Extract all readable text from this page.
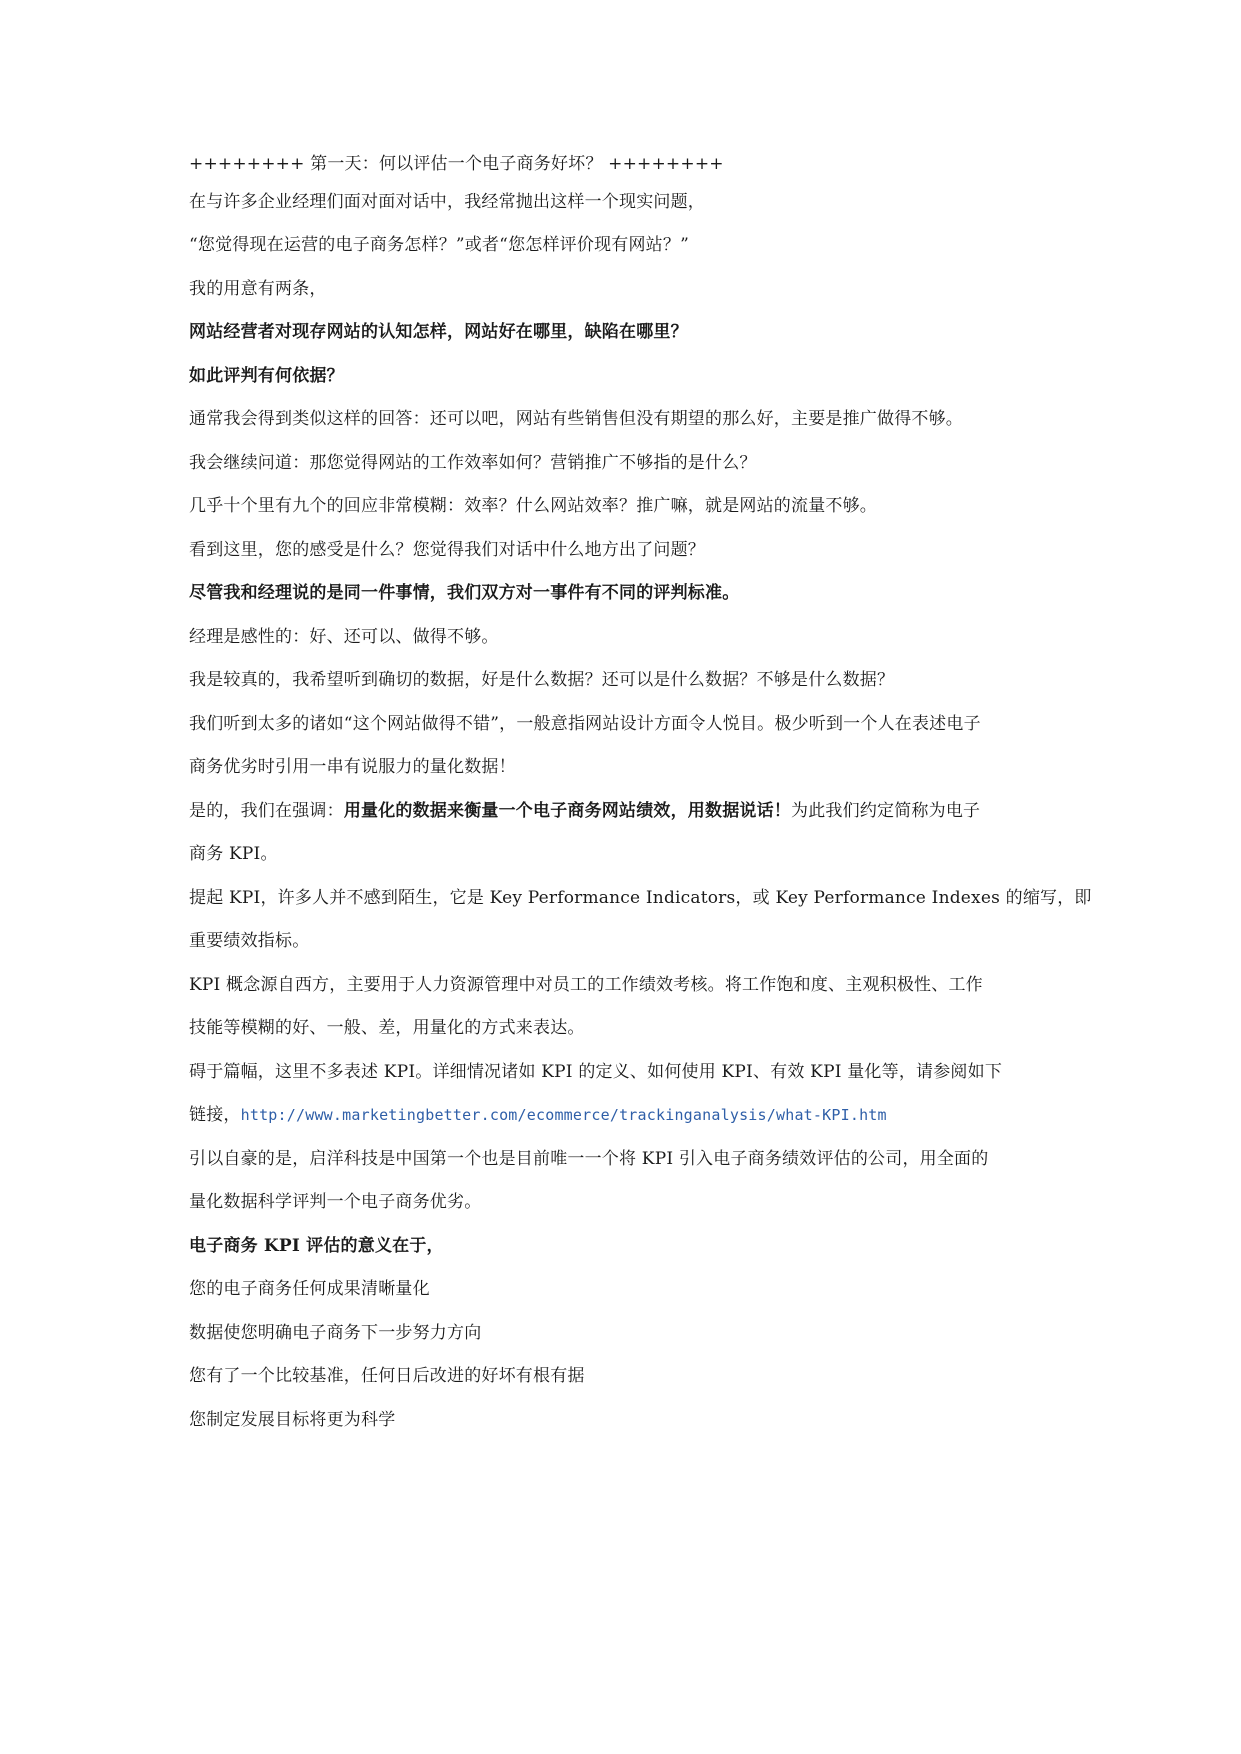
++++++++ 第一天：何以评估一个电子商务好坏？ ++++++++
在与许多企业经理们面对面对话中，我经常抛出这样一个现实问题，
“您觉得现在运营的电子商务怎样？”或者“您怎样评价现有网站？”
我的用意有两条，
网站经营者对现存网站的认知怎样，网站好在哪里，缺陷在哪里？
如此评判有何依据？
通常我会得到类似这样的回答：还可以吧，网站有些销售但没有期望的那么好，主要是推广做得不够。
我会继续问道：那您觉得网站的工作效率如何？营销推广不够指的是什么？
几乎十个里有九个的回应非常模糊：效率？什么网站效率？推广嘛，就是网站的流量不够。
看到这里，您的感受是什么？您觉得我们对话中什么地方出了问题？
尽管我和经理说的是同一件事情，我们双方对一事件有不同的评判标准。
经理是感性的：好、还可以、做得不够。
我是较真的，我希望听到确切的数据，好是什么数据？还可以是什么数据？不够是什么数据？
我们听到太多的诸如“这个网站做得不错”，一般意指网站设计方面令人悦目。极少听到一个人在表述电子
商务优劣时引用一串有说服力的量化数据！
是的，我们在强调：用量化的数据来衡量一个电子商务网站绩效，用数据说话！为此我们约定简称为电子
商务 KPI。
提起 KPI，许多人并不感到陌生，它是 Key Performance Indicators，或 Key Performance Indexes 的缩写，即
重要绩效指标。
KPI 概念源自西方，主要用于人力资源管理中对员工的工作绩效考核。将工作饱和度、主观积极性、工作
技能等模糊的好、一般、差，用量化的方式来表达。
碍于篇幅，这里不多表述 KPI。详细情况诸如 KPI 的定义、如何使用 KPI、有效 KPI 量化等，请参阅如下
链接，http://www.marketingbetter.com/ecommerce/trackinganalysis/what-KPI.htm
引以自豪的是，启洋科技是中国第一个也是目前唯一一个将 KPI 引入电子商务绩效评估的公司，用全面的
量化数据科学评判一个电子商务优劣。
电子商务 KPI 评估的意义在于，
您的电子商务任何成果清晰量化
数据使您明确电子商务下一步努力方向
您有了一个比较基准，任何日后改进的好坏有根有据
您制定发展目标将更为科学
